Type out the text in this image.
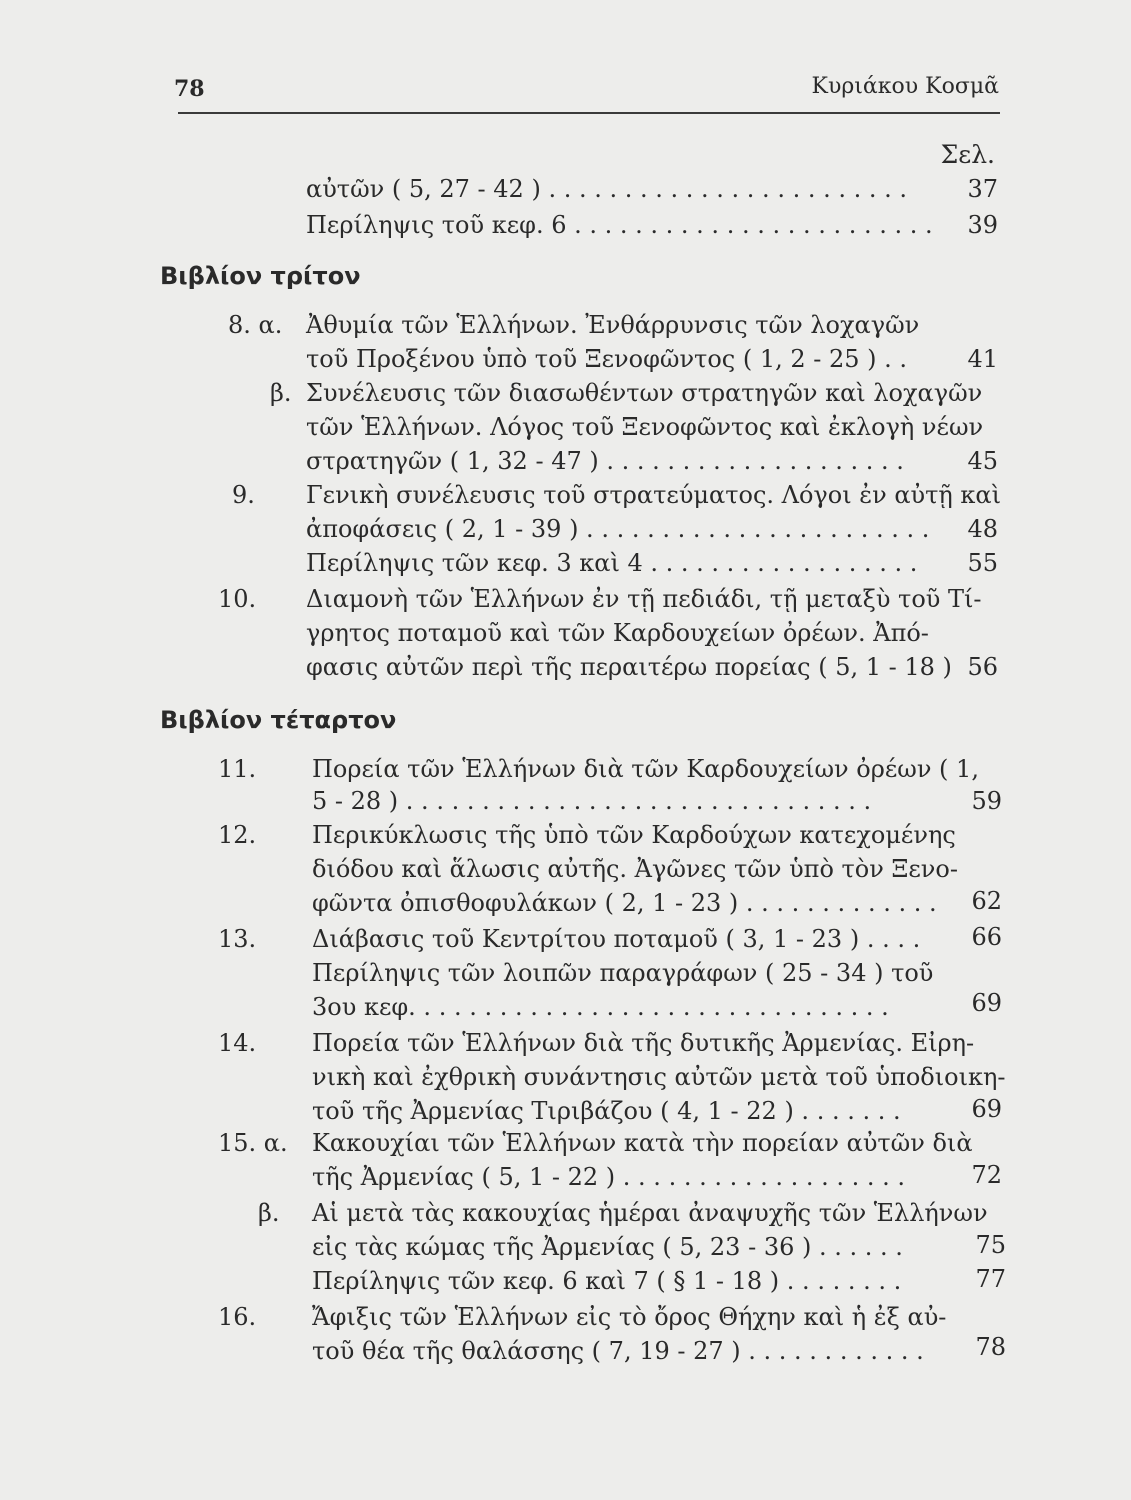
78	Κυριάκου Κοσμᾶ
Σελ.
αὐτῶν ( 5, 27 - 42 ) . . . . . . . . . . . . . . . . . . . . . . . .	37
Περίληψις τοῦ κεφ. 6 . . . . . . . . . . . . . . . . . . . . . . . .	39
Βιβλίον τρίτον
8. α. Ἀθυμία τῶν Ἑλλήνων. Ἐνθάρρυνσις τῶν λοχαγῶν
τοῦ Προξένου ὑπὸ τοῦ Ξενοφῶντος ( 1, 2 - 25 ) . .	41
β. Συνέλευσις τῶν διασωθέντων στρατηγῶν καὶ λοχαγῶν
τῶν Ἑλλήνων. Λόγος τοῦ Ξενοφῶντος καὶ ἐκλογὴ νέων
στρατηγῶν ( 1, 32 - 47 ) . . . . . . . . . . . . . . . . . . . .	45
9. Γενικὴ συνέλευσις τοῦ στρατεύματος. Λόγοι ἐν αὐτῇ καὶ
ἀποφάσεις ( 2, 1 - 39 ) . . . . . . . . . . . . . . . . . . . . . . .	48
Περίληψις τῶν κεφ. 3 καὶ 4 . . . . . . . . . . . . . . . . . .	55
10. Διαμονὴ τῶν Ἑλλήνων ἐν τῇ πεδιάδι, τῇ μεταξὺ τοῦ Τί-
γρητος ποταμοῦ καὶ τῶν Καρδουχείων ὀρέων. Ἀπό-
φασις αὐτῶν περὶ τῆς περαιτέρω πορείας ( 5, 1 - 18 ) 56
Βιβλίον τέταρτον
11. Πορεία τῶν Ἑλλήνων διὰ τῶν Καρδουχείων ὀρέων ( 1,
5 - 28 ) . . . . . . . . . . . . . . . . . . . . . . . . . . . . . . .	59
12. Περικύκλωσις τῆς ὑπὸ τῶν Καρδούχων κατεχομένης
διόδου καὶ ἅλωσις αὐτῆς. Ἀγῶνες τῶν ὑπὸ τὸν Ξενο-
φῶντα ὀπισθοφυλάκων ( 2, 1 - 23 ) . . . . . . . . . . . . .	62
13. Διάβασις τοῦ Κεντρίτου ποταμοῦ ( 3, 1 - 23 ) . . . .	66
Περίληψις τῶν λοιπῶν παραγράφων ( 25 - 34 ) τοῦ
3ου κεφ. . . . . . . . . . . . . . . . . . . . . . . . . . . . . . . .	69
14. Πορεία τῶν Ἑλλήνων διὰ τῆς δυτικῆς Ἀρμενίας. Εἰρη-
νικὴ καὶ ἐχθρικὴ συνάντησις αὐτῶν μετὰ τοῦ ὑποδιοικη-
τοῦ τῆς Ἀρμενίας Τιριβάζου ( 4, 1 - 22 ) . . . . . . .	69
15. α. Κακουχίαι τῶν Ἑλλήνων κατὰ τὴν πορείαν αὐτῶν διὰ
τῆς Ἀρμενίας ( 5, 1 - 22 ) . . . . . . . . . . . . . . . . . . .	72
β. Αἱ μετὰ τὰς κακουχίας ἡμέραι ἀναψυχῆς τῶν Ἑλλήνων
εἰς τὰς κώμας τῆς Ἀρμενίας ( 5, 23 - 36 ) . . . . . .	75
Περίληψις τῶν κεφ. 6 καὶ 7 ( § 1 - 18 ) . . . . . . . .	77
16. Ἄφιξις τῶν Ἑλλήνων εἰς τὸ ὄρος Θήχην καὶ ἡ ἐξ αὐ-
τοῦ θέα τῆς θαλάσσης ( 7, 19 - 27 ) . . . . . . . . . . . .	78
